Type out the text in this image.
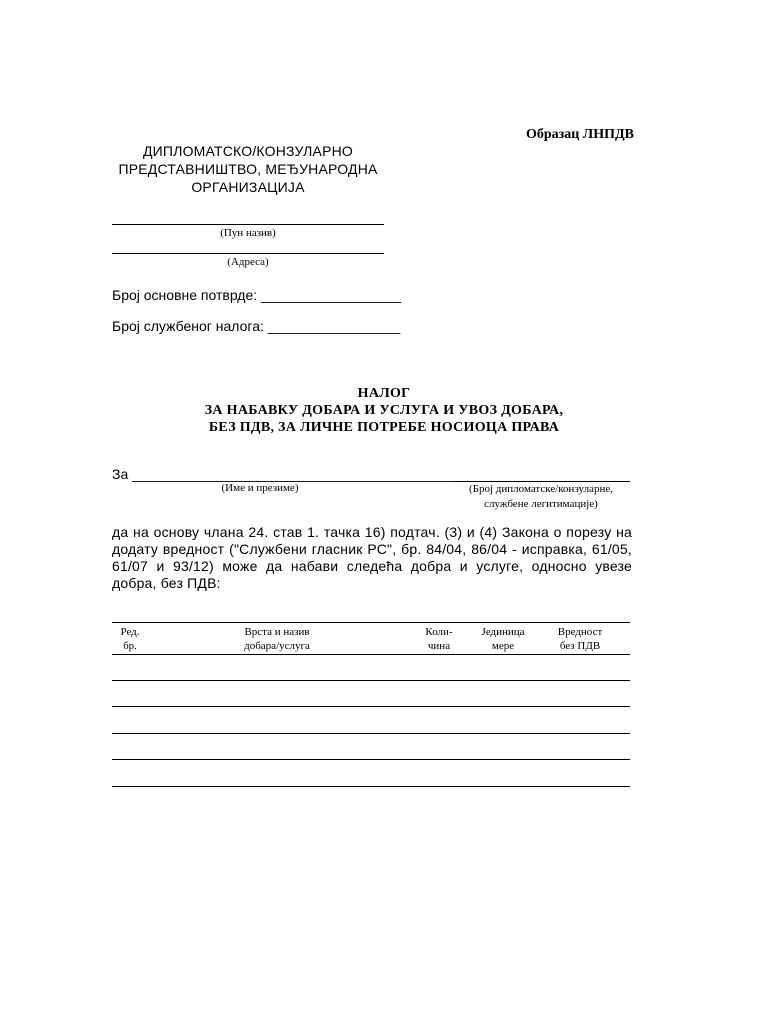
Образац ЛНПДВ
ДИПЛОМАТСКО/КОНЗУЛАРНО
ПРЕДСТАВНИШТВО, МЕЂУНАРОДНА
ОРГАНИЗАЦИЈА
(Пун назив)
(Адреса)
Број основне потврде: __________________
Број службеног налога: _________________
НАЛОГ
ЗА НАБАВКУ ДОБАРА И УСЛУГА И УВОЗ ДОБАРА,
БЕЗ ПДВ, ЗА ЛИЧНЕ ПОТРЕБЕ НОСИОЦА ПРАВА
За _____________________________________________
(Име и презиме)	(Број дипломатске/конзуларне,
службене легитимације)
да на основу члана 24. став 1. тачка 16) подтач. (3) и (4) Закона о порезу на додату вредност ("Службени гласник РС", бр. 84/04, 86/04 - исправка, 61/05, 61/07 и 93/12) може да набави следећа добра и услуге, односно увезе добра, без ПДВ:
Ред.
бр.
Врста и назив
добара/услуга
Коли-
чина
Јединица
мере
Вредност
без ПДВ
